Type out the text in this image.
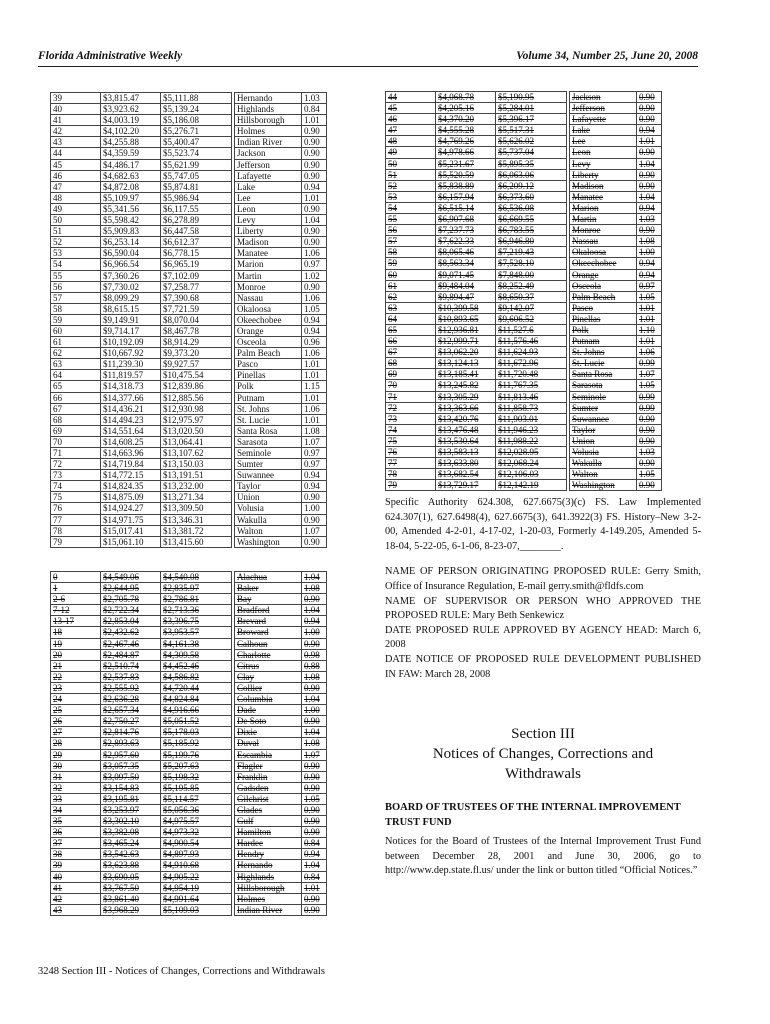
Florida Administrative Weekly	Volume 34, Number 25, June 20, 2008
39	$3,815.47	$5,111.88		Hernando	1.03
40	$3,923.62	$5,139.24		Highlands	0.84
41	$4,003.19	$5,186.08		Hillsborough	1.01
42	$4,102.20	$5,276.71		Holmes	0.90
43	$4,255.88	$5,400.47		Indian River	0.90
44	$4,359.59	$5,523.74		Jackson	0.90
45	$4,486.17	$5,621.99		Jefferson	0.90
46	$4,682.63	$5,747.05		Lafayette	0.90
47	$4,872.08	$5,874.81		Lake	0.94
48	$5,109.97	$5,986.94		Lee	1.01
49	$5,341.56	$6,117.55		Leon	0.90
50	$5,598.42	$6,278.89		Levy	1.04
51	$5,909.83	$6,447.58		Liberty	0.90
52	$6,253.14	$6,612.37		Madison	0.90
53	$6,590.04	$6,778.15		Manatee	1.06
54	$6,966.54	$6,965.19		Marion	0.97
55	$7,360.26	$7,102.09		Martin	1.02
56	$7,730.02	$7,258.77		Monroe	0.90
57	$8,099.29	$7,390.68		Nassau	1.06
58	$8,615.15	$7,721.59		Okaloosa	1.05
59	$9,149.91	$8,070.04		Okeechobee	0.94
60	$9,714.17	$8,467.78		Orange	0.94
61	$10,192.09	$8,914.29		Osceola	0.96
62	$10,667.92	$9,373.20		Palm Beach	1.06
63	$11,239.30	$9,927.57		Pasco	1.01
64	$11,819.57	$10,475.54		Pinellas	1.01
65	$14,318.73	$12,839.86		Polk	1.15
66	$14,377.66	$12,885.56		Putnam	1.01
67	$14,436.21	$12,930.98		St. Johns	1.06
68	$14,494.23	$12,975.97		St. Lucie	1.01
69	$14,551.64	$13,020.50		Santa Rosa	1.08
70	$14,608.25	$13,064.41		Sarasota	1.07
71	$14,663.96	$13,107.62		Seminole	0.97
72	$14,719.84	$13,150.03		Sumter	0.97
73	$14,772.15	$13,191.51		Suwannee	0.94
74	$14,824.35	$13,232.00		Taylor	0.94
75	$14,875.09	$13,271.34		Union	0.90
76	$14,924.27	$13,309.50		Volusia	1.00
77	$14,971.75	$13,346.31		Wakulla	0.90
78	$15,017.41	$13,381.72		Walton	1.07
79	$15,061.10	$13,415.60		Washington	0.90
0	$4,549.06	$4,540.08		Alachua	1.04
1	$2,644.95	$2,835.97		Baker	1.08
2-6	$2,705.78	$2,786.81		Bay	0.90
7-12	$2,722.34	$2,713.36		Bradford	1.04
13-17	$2,853.04	$3,396.75		Brevard	0.94
18	$2,432.62	$3,953.57		Broward	1.00
19	$2,467.46	$4,161.38		Calhoun	0.90
20	$2,484.87	$4,309.58		Charlotte	0.98
21	$2,510.74	$4,452.46		Citrus	0.88
22	$2,537.83	$4,586.82		Clay	1.08
23	$2,555.92	$4,720.44		Collier	0.90
24	$2,636.28	$4,824.84		Columbia	1.04
25	$2,657.34	$4,916.66		Dade	1.00
26	$2,750.27	$5,051.52		De Soto	0.90
27	$2,814.76	$5,178.03		Dixie	1.04
28	$2,893.63	$5,185.92		Duval	1.08
29	$2,957.60	$5,199.76		Escambia	1.07
30	$3,057.35	$5,207.63		Flagler	0.90
31	$3,097.50	$5,198.32		Franklin	0.90
32	$3,154.83	$5,195.85		Gadsden	0.90
33	$3,195.81	$5,114.57		Gilchrist	1.05
34	$3,253.97	$5,056.36		Glades	0.90
35	$3,302.10	$4,975.57		Gulf	0.90
36	$3,382.08	$4,973.32		Hamilton	0.90
37	$3,465.24	$4,900.54		Hardee	0.84
38	$3,542.63	$4,897.93		Hendry	0.94
39	$3,623.88	$4,910.68		Hernando	1.04
40	$3,690.05	$4,905.22		Highlands	0.84
41	$3,767.50	$4,954.19		Hillsborough	1.01
42	$3,861.40	$4,991.64		Holmes	0.90
43	$3,968.29	$5,109.03		Indian River	0.90
44	$4,068.78	$5,190.95		Jackson	0.90
45	$4,205.16	$5,284.01		Jefferson	0.90
46	$4,370.20	$5,396.17		Lafayette	0.90
47	$4,555.28	$5,517.31		Lake	0.94
48	$4,769.26	$5,626.02		Lee	1.01
49	$4,978.66	$5,737.04		Leon	0.90
50	$5,231.67	$5,895.35		Levy	1.04
51	$5,520.59	$6,063.06		Liberty	0.90
52	$5,838.89	$6,209.12		Madison	0.90
53	$6,157.94	$6,373.60		Manatee	1.04
54	$6,515.14	$6,536.08		Marion	0.94
55	$6,907.68	$6,669.55		Martin	1.03
56	$7,237.73	$6,783.55		Monroe	0.90
57	$7,622.33	$6,946.80		Nassau	1.08
58	$8,065.46	$7,219.43		Okaloosa	1.00
59	$8,563.34	$7,528.10		Okeechobee	0.94
60	$9,071.45	$7,848.00		Orange	0.94
61	$9,484.04	$8,252.49		Osceola	0.97
62	$9,894.47	$8,650.37		Palm Beach	1.05
63	$10,399.58	$9,142.07		Pasco	1.01
64	$10,893.65	$9,606.52		Pinellas	1.01
65	$12,936.81	$11,527.6		Polk	1.10
66	$12,999.71	$11,576.46		Putnam	1.01
67	$13,062.20	$11,624.93		St. Johns	1.06
68	$13,124.13	$11,672.96		St. Lucie	0.99
69	$13,185.41	$11,720.48		Santa Rosa	1.07
70	$13,245.82	$11,767.35		Sarasota	1.05
71	$13,305.29	$11,813.46		Seminole	0.99
72	$13,363.66	$11,858.73		Sumter	0.99
73	$13,420.76	$11,903.01		Suwannee	0.90
74	$13,476.48	$11,946.23		Taylor	0.90
75	$13,530.64	$11,988.22		Union	0.90
76	$13,583.13	$12,028.95		Volusia	1.03
77	$13,633.80	$12,068.24		Wakulla	0.90
78	$13,682.54	$12,106.03		Walton	1.05
79	$13,729.17	$12,142.19		Washington	0.90

Specific Authority 624.308, 627.6675(3)(c) FS. Law Implemented 624.307(1), 627.6498(4), 627.6675(3), 641.3922(3) FS. History–New 3-2-00, Amended 4-2-01, 4-17-02, 1-20-03, Formerly 4-149.205, Amended 5-18-04, 5-22-05, 6-1-06, 8-23-07,________.

NAME OF PERSON ORIGINATING PROPOSED RULE: Gerry Smith, Office of Insurance Regulation, E-mail gerry.smith@fldfs.com

NAME OF SUPERVISOR OR PERSON WHO APPROVED THE PROPOSED RULE: Mary Beth Senkewicz

DATE PROPOSED RULE APPROVED BY AGENCY HEAD: March 6, 2008

DATE NOTICE OF PROPOSED RULE DEVELOPMENT PUBLISHED IN FAW: March 28, 2008

Section III
Notices of Changes, Corrections and Withdrawals
BOARD OF TRUSTEES OF THE INTERNAL IMPROVEMENT TRUST FUND

Notices for the Board of Trustees of the Internal Improvement Trust Fund between December 28, 2001 and June 30, 2006, go to http://www.dep.state.fl.us/ under the link or button titled “Official Notices.”

3248 Section III - Notices of Changes, Corrections and Withdrawals
